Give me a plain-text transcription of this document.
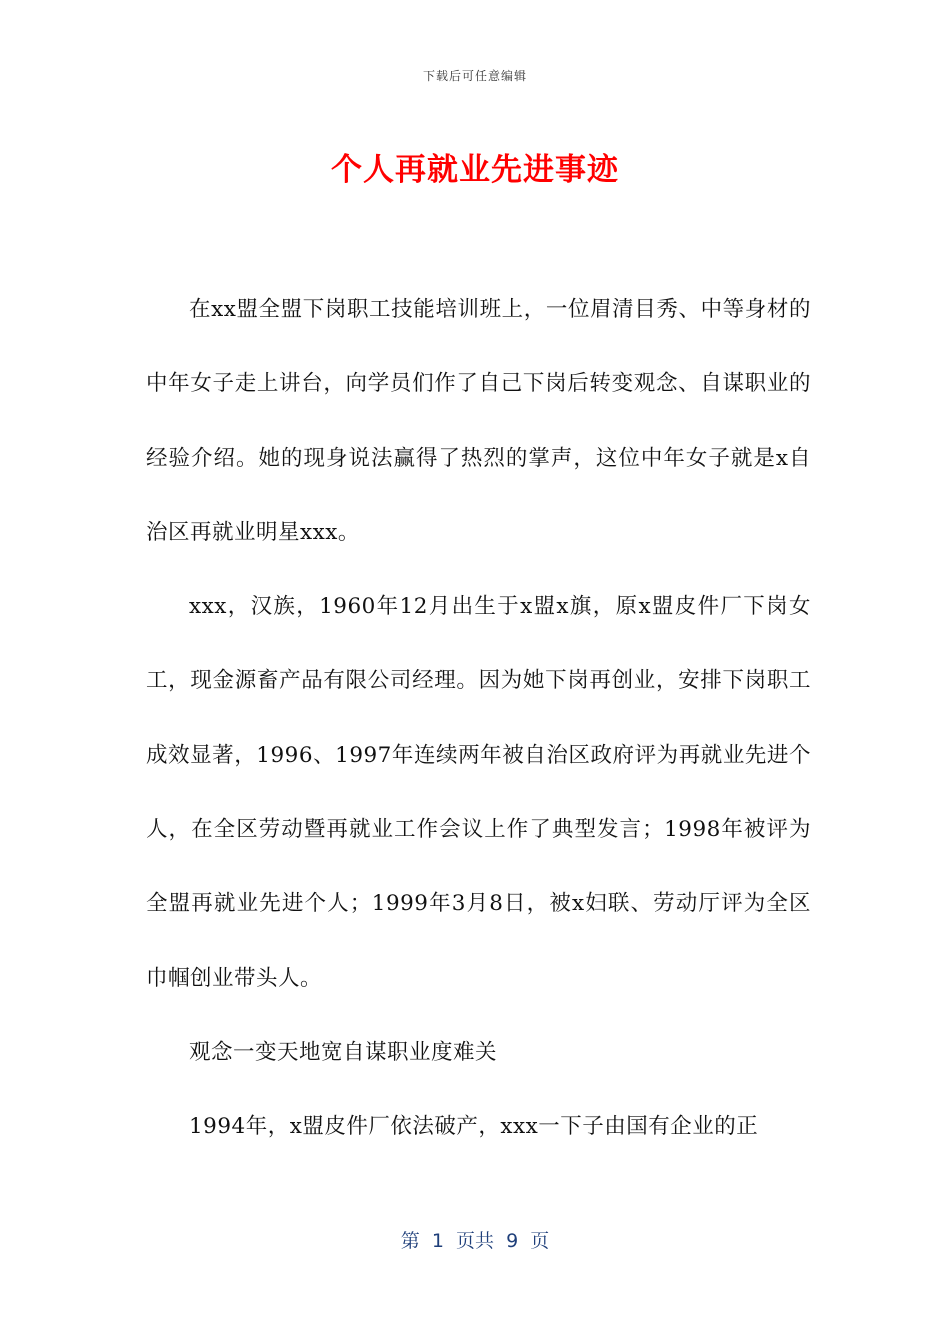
下载后可任意编辑
个人再就业先进事迹

在xx盟全盟下岗职工技能培训班上，一位眉清目秀、中等身材的中年女子走上讲台，向学员们作了自己下岗后转变观念、自谋职业的经验介绍。她的现身说法赢得了热烈的掌声，这位中年女子就是x自治区再就业明星xxx。

xxx，汉族，1960年12月出生于x盟x旗，原x盟皮件厂下岗女工，现金源畜产品有限公司经理。因为她下岗再创业，安排下岗职工成效显著，1996、1997年连续两年被自治区政府评为再就业先进个人，在全区劳动暨再就业工作会议上作了典型发言；1998年被评为全盟再就业先进个人；1999年3月8日，被x妇联、劳动厅评为全区巾帼创业带头人。

观念一变天地宽自谋职业度难关

1994年，x盟皮件厂依法破产，xxx一下子由国有企业的正

第  1  页共  9  页
